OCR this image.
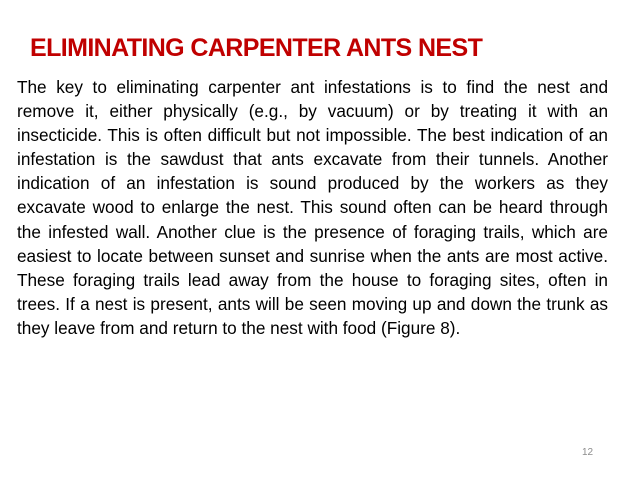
ELIMINATING CARPENTER ANTS NEST

The key to eliminating carpenter ant infestations is to find the nest and remove it, either physically (e.g., by vacuum) or by treating it with an insecticide. This is often difficult but not impossible. The best indication of an infestation is the sawdust that ants excavate from their tunnels. Another indication of an infestation is sound produced by the workers as they excavate wood to enlarge the nest. This sound often can be heard through the infested wall. Another clue is the presence of foraging trails, which are easiest to locate between sunset and sunrise when the ants are most active. These foraging trails lead away from the house to foraging sites, often in trees. If a nest is present, ants will be seen moving up and down the trunk as they leave from and return to the nest with food (Figure 8).

12
